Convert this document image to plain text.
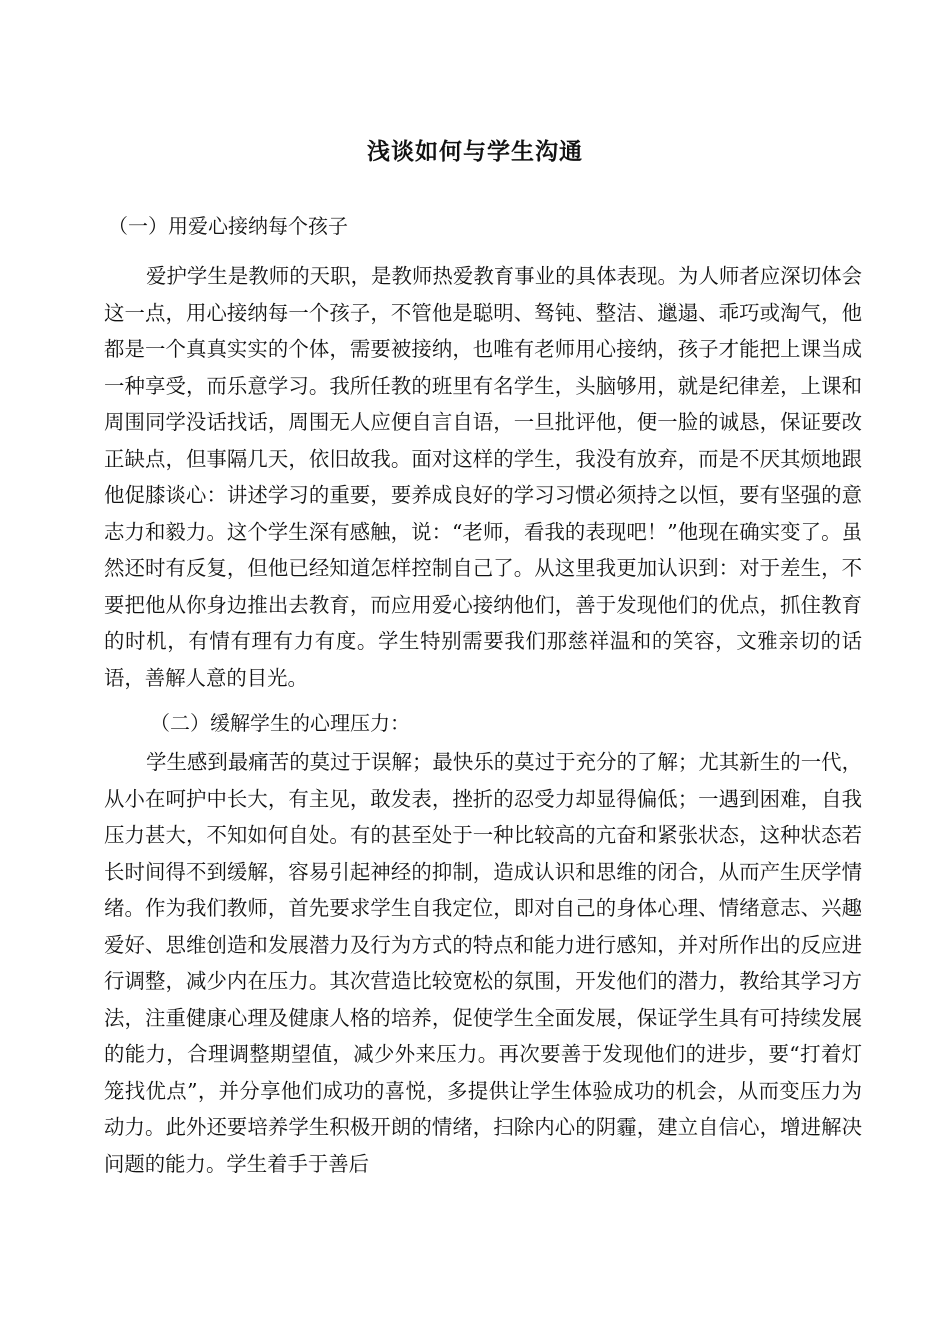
浅谈如何与学生沟通
（一）用爱心接纳每个孩子
爱护学生是教师的天职，是教师热爱教育事业的具体表现。为人师者应深切体会这一点，用心接纳每一个孩子，不管他是聪明、驽钝、整洁、邋遢、乖巧或淘气，他都是一个真真实实的个体，需要被接纳，也唯有老师用心接纳，孩子才能把上课当成一种享受，而乐意学习。我所任教的班里有名学生，头脑够用，就是纪律差，上课和周围同学没话找话，周围无人应便自言自语，一旦批评他，便一脸的诚恳，保证要改正缺点，但事隔几天，依旧故我。面对这样的学生，我没有放弃，而是不厌其烦地跟他促膝谈心：讲述学习的重要，要养成良好的学习习惯必须持之以恒，要有坚强的意志力和毅力。这个学生深有感触，说：“老师，看我的表现吧！”他现在确实变了。虽然还时有反复，但他已经知道怎样控制自己了。从这里我更加认识到：对于差生，不要把他从你身边推出去教育，而应用爱心接纳他们，善于发现他们的优点，抓住教育的时机，有情有理有力有度。学生特别需要我们那慈祥温和的笑容，文雅亲切的话语，善解人意的目光。
（二）缓解学生的心理压力：
学生感到最痛苦的莫过于误解；最快乐的莫过于充分的了解；尤其新生的一代，从小在呵护中长大，有主见，敢发表，挫折的忍受力却显得偏低；一遇到困难，自我压力甚大，不知如何自处。有的甚至处于一种比较高的亢奋和紧张状态，这种状态若长时间得不到缓解，容易引起神经的抑制，造成认识和思维的闭合，从而产生厌学情绪。作为我们教师，首先要求学生自我定位，即对自己的身体心理、情绪意志、兴趣爱好、思维创造和发展潜力及行为方式的特点和能力进行感知，并对所作出的反应进行调整，减少内在压力。其次营造比较宽松的氛围，开发他们的潜力，教给其学习方法，注重健康心理及健康人格的培养，促使学生全面发展，保证学生具有可持续发展的能力，合理调整期望值，减少外来压力。再次要善于发现他们的进步，要“打着灯笼找优点”，并分享他们成功的喜悦，多提供让学生体验成功的机会，从而变压力为动力。此外还要培养学生积极开朗的情绪，扫除内心的阴霾，建立自信心，增进解决问题的能力。学生着手于善后
